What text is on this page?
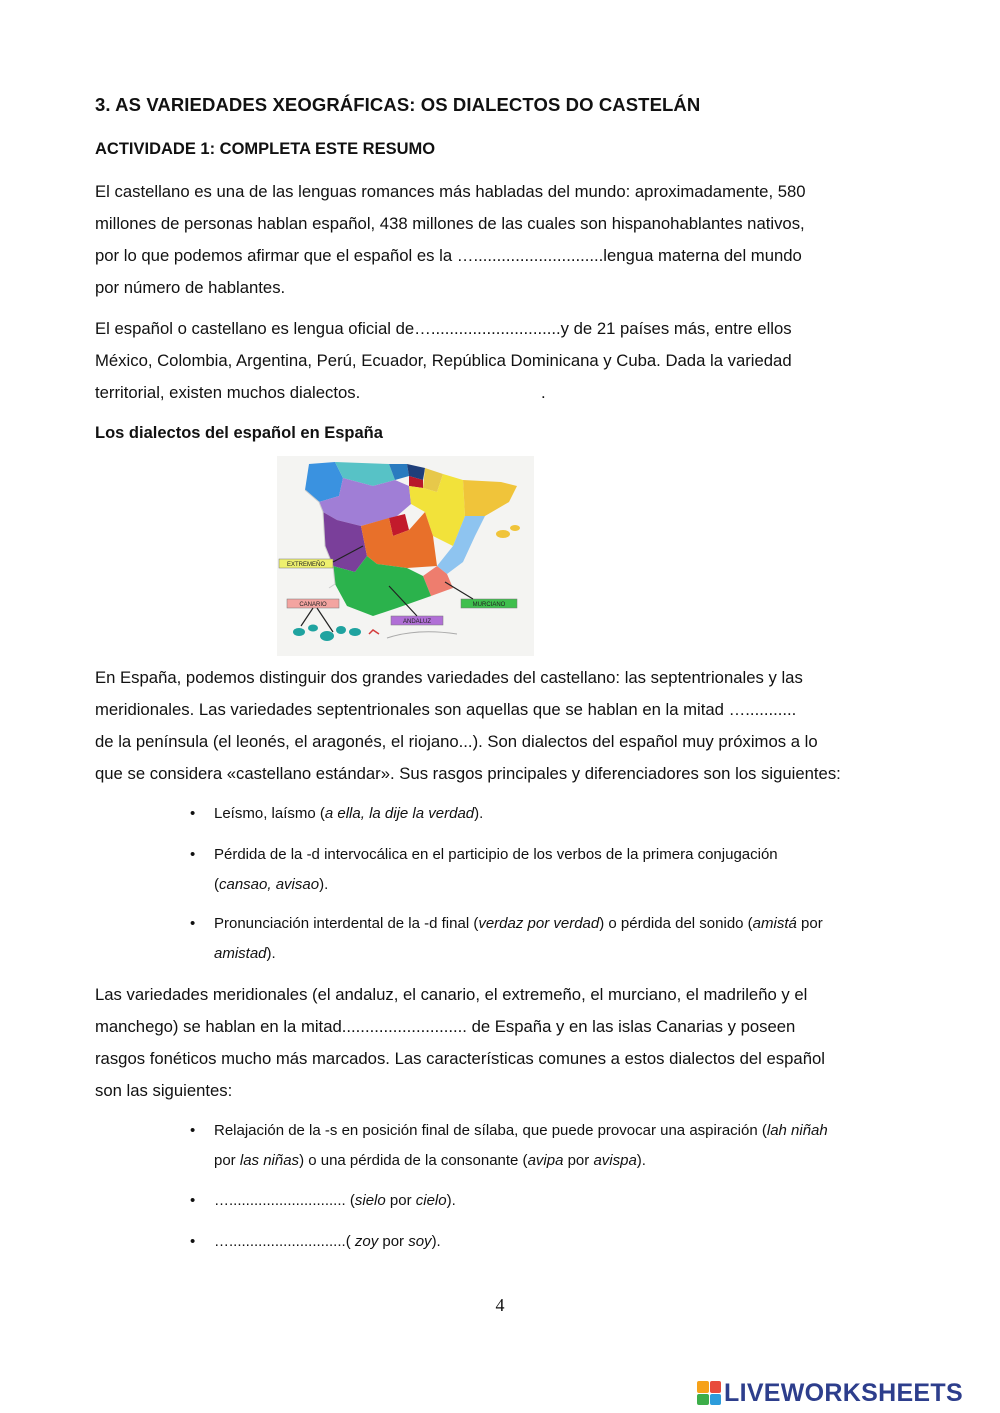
3. AS VARIEDADES XEOGRÁFICAS: OS DIALECTOS DO CASTELÁN
ACTIVIDADE 1: COMPLETA ESTE RESUMO
El castellano es una de las lenguas romances más habladas del mundo: aproximadamente, 580
millones de personas hablan español, 438 millones de las cuales son hispanohablantes nativos,
por lo que podemos afirmar que el español es la …............................lengua materna del mundo
por número de hablantes.
El español o castellano es lengua oficial de…............................y de 21 países más, entre ellos
México, Colombia, Argentina, Perú, Ecuador, República Dominicana y Cuba. Dada la variedad
territorial, existen muchos dialectos.	.
Los dialectos del español en España
EXTREMEÑO
CANARIO
ANDALUZ
MURCIANO
En España, podemos distinguir dos grandes variedades del castellano: las septentrionales y las
meridionales. Las variedades septentrionales son aquellas que se hablan en la mitad …...........
de la península (el leonés, el aragonés, el riojano...). Son dialectos del español muy próximos a lo
que se considera «castellano estándar». Sus rasgos principales y diferenciadores son los siguientes:
• Leísmo, laísmo (a ella, la dije la verdad).
• Pérdida de la -d intervocálica en el participio de los verbos de la primera conjugación
(cansao, avisao).
• Pronunciación interdental de la -d final (verdaz por verdad) o pérdida del sonido (amistá por
amistad).
Las variedades meridionales (el andaluz, el canario, el extremeño, el murciano, el madrileño y el
manchego) se hablan en la mitad........................... de España y en las islas Canarias y poseen
rasgos fonéticos mucho más marcados. Las características comunes a estos dialectos del español
son las siguientes:
• Relajación de la -s en posición final de sílaba, que puede provocar una aspiración (lah niñah
por las niñas) o una pérdida de la consonante (avipa por avispa).
• …............................ (sielo por cielo).
• …............................( zoy por soy).
4
LIVEWORKSHEETS
